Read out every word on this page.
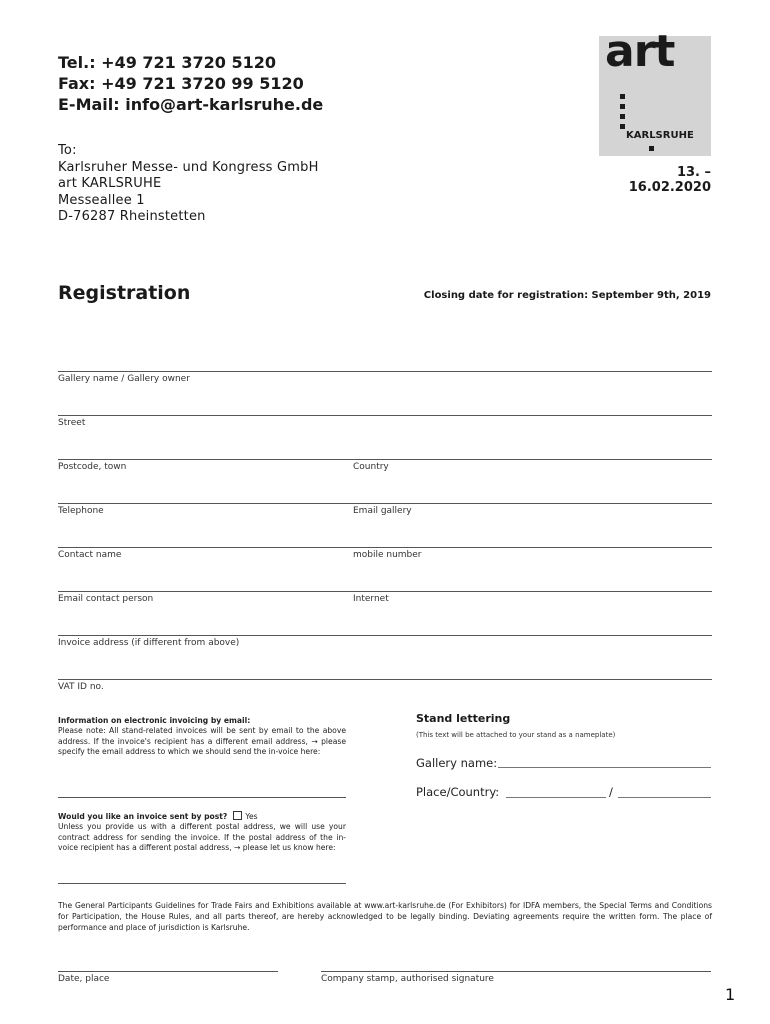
Tel.: +49 721 3720 5120
Fax: +49 721 3720 99 5120
E-Mail: info@art-karlsruhe.de
To:
Karlsruher Messe- und Kongress GmbH
art KARLSRUHE
Messeallee 1
D-76287 Rheinstetten
art
KARLSRUHE
13. – 16.02.2020
Registration	Closing date for registration: September 9th, 2019
Gallery name / Gallery owner
Street
Postcode, town	Country
Telephone	Email gallery
Contact name	mobile number
Email contact person	Internet
Invoice address (if different from above)
VAT ID no.
Information on electronic invoicing by email:
Please note: All stand-related invoices will be sent by email to the above address. If the invoice's recipient has a different email address, → please specify the email address to which we should send the in-voice here:
Would you like an invoice sent by post? Yes
Unless you provide us with a different postal address, we will use your contract address for sending the invoice. If the postal address of the in-voice recipient has a different postal address, → please let us know here:
Stand lettering
(This text will be attached to your stand as a nameplate)
Gallery name:
Place/Country:	/
The General Participants Guidelines for Trade Fairs and Exhibitions available at www.art-karlsruhe.de (For Exhibitors) for IDFA members, the Special Terms and Conditions for Participation, the House Rules, and all parts thereof, are hereby acknowledged to be legally binding. Deviating agreements require the written form. The place of performance and place of jurisdiction is Karlsruhe.
Date, place	Company stamp, authorised signature
1
